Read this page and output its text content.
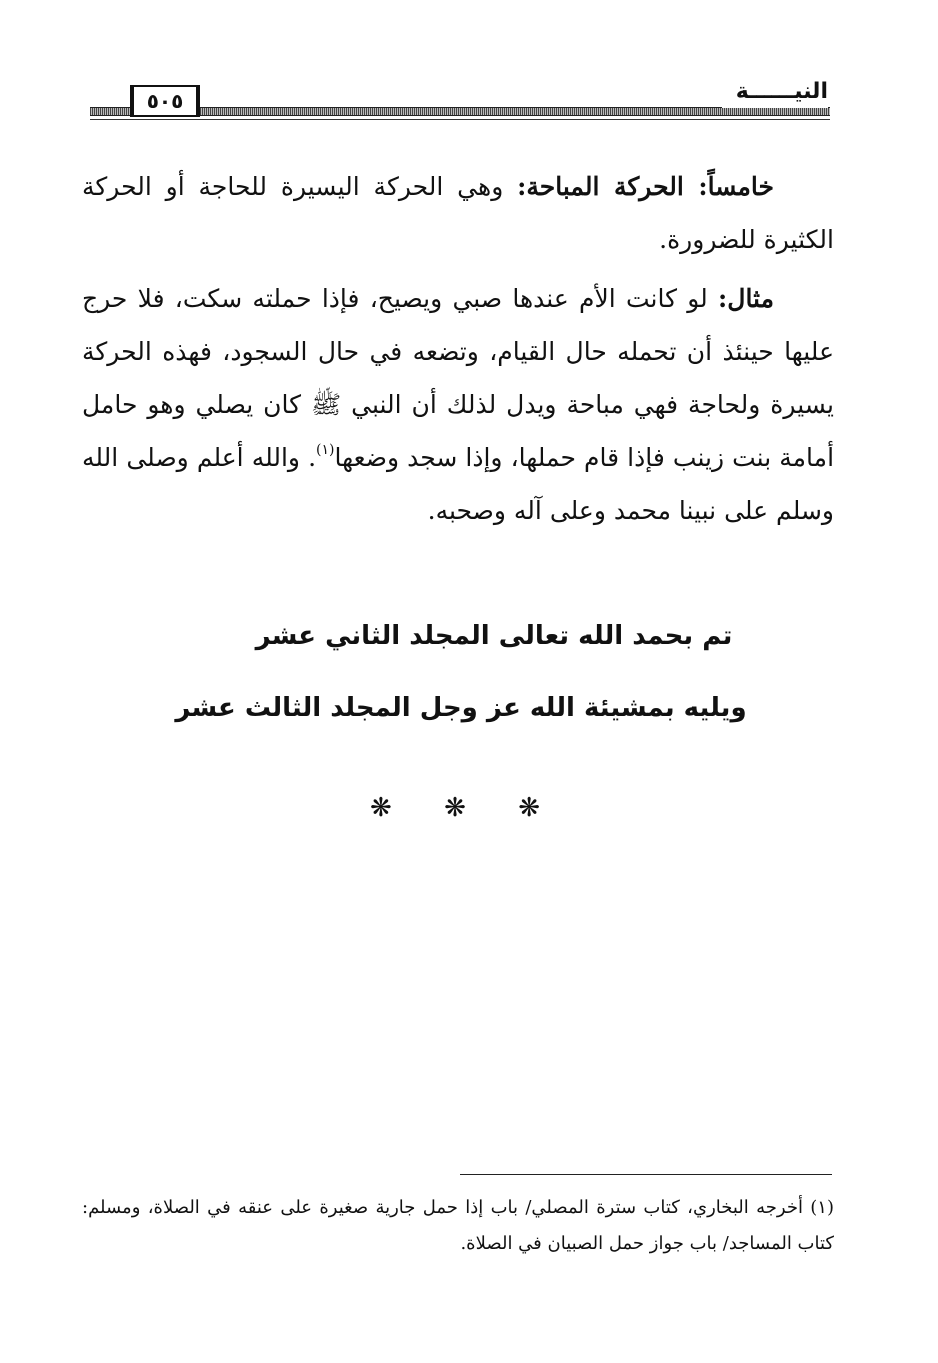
٥٠٥	النيــــــة

خامساً: الحركة المباحة: وهي الحركة اليسيرة للحاجة أو الحركة الكثيرة للضرورة.

مثال: لو كانت الأم عندها صبي ويصيح، فإذا حملته سكت، فلا حرج عليها حينئذ أن تحمله حال القيام، وتضعه في حال السجود، فهذه الحركة يسيرة ولحاجة فهي مباحة ويدل لذلك أن النبي ﷺ كان يصلي وهو حامل أمامة بنت زينب فإذا قام حملها، وإذا سجد وضعها$^{(١)}$. والله أعلم وصلى الله وسلم على نبينا محمد وعلى آله وصحبه.

تم بحمد الله تعالى المجلد الثاني عشر
ويليه بمشيئة الله عز وجل المجلد الثالث عشر
❋ ❋ ❋

(١) أخرجه البخاري، كتاب سترة المصلي/ باب إذا حمل جارية صغيرة على عنقه في الصلاة، ومسلم: كتاب المساجد/ باب جواز حمل الصبيان في الصلاة.
